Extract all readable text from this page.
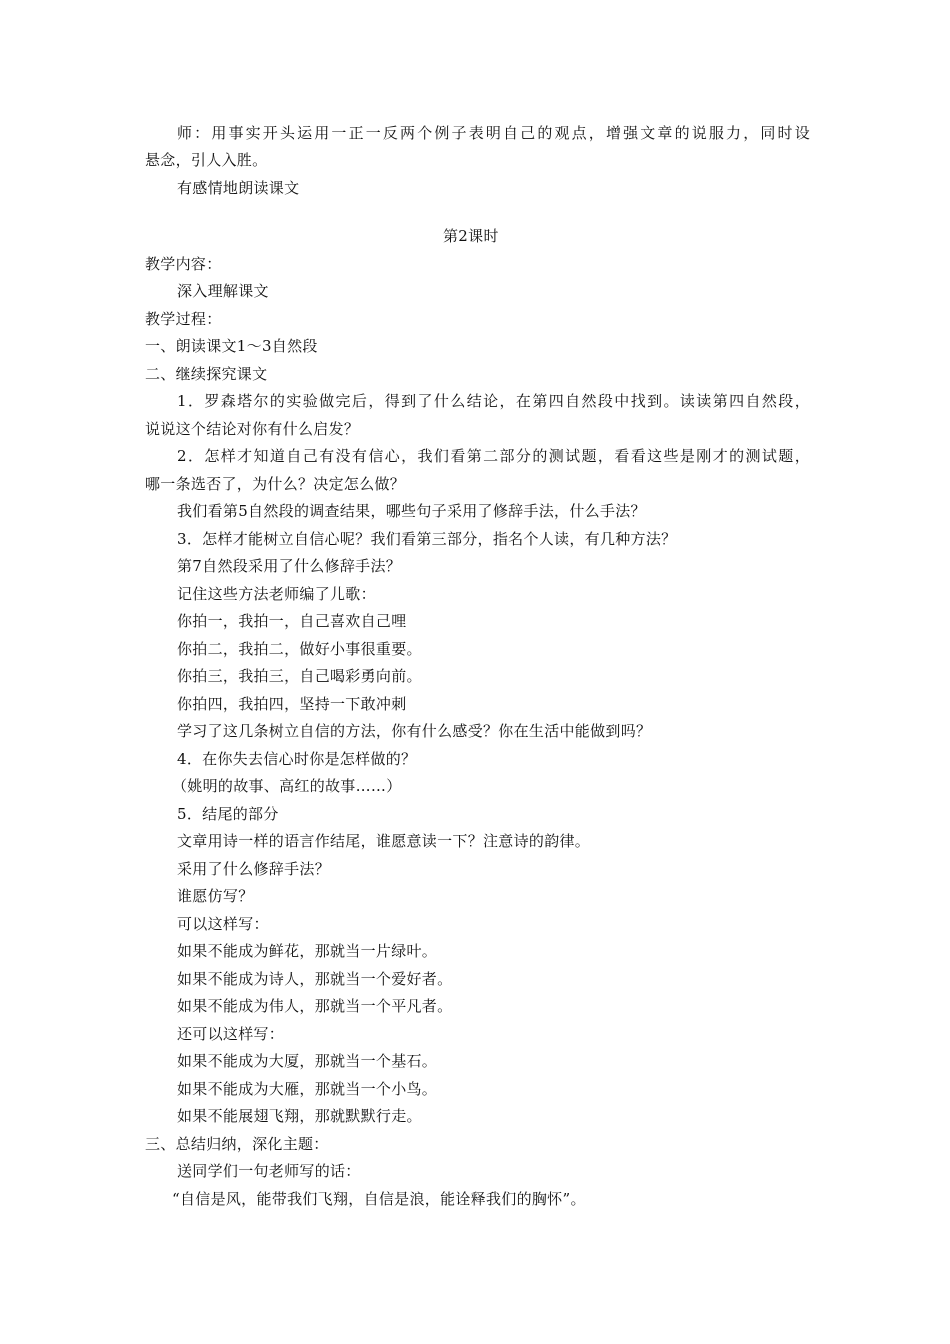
师：用事实开头运用一正一反两个例子表明自己的观点，增强文章的说服力，同时设
悬念，引人入胜。
有感情地朗读课文
第2课时
教学内容：
深入理解课文
教学过程：
一、朗读课文1～3自然段
二、继续探究课文
1．罗森塔尔的实验做完后，得到了什么结论，在第四自然段中找到。读读第四自然段，
说说这个结论对你有什么启发？
2．怎样才知道自己有没有信心，我们看第二部分的测试题，看看这些是刚才的测试题，
哪一条选否了，为什么？决定怎么做？
我们看第5自然段的调查结果，哪些句子采用了修辞手法，什么手法？
3．怎样才能树立自信心呢？我们看第三部分，指名个人读，有几种方法？
第7自然段采用了什么修辞手法？
记住这些方法老师编了儿歌：
你拍一，我拍一，自己喜欢自己哩
你拍二，我拍二，做好小事很重要。
你拍三，我拍三，自己喝彩勇向前。
你拍四，我拍四，坚持一下敢冲刺
学习了这几条树立自信的方法，你有什么感受？你在生活中能做到吗？
4．在你失去信心时你是怎样做的？
（姚明的故事、高红的故事……）
5．结尾的部分
文章用诗一样的语言作结尾，谁愿意读一下？注意诗的韵律。
采用了什么修辞手法？
谁愿仿写？
可以这样写：
如果不能成为鲜花，那就当一片绿叶。
如果不能成为诗人，那就当一个爱好者。
如果不能成为伟人，那就当一个平凡者。
还可以这样写：
如果不能成为大厦，那就当一个基石。
如果不能成为大雁，那就当一个小鸟。
如果不能展翅飞翔，那就默默行走。
三、总结归纳，深化主题：
送同学们一句老师写的话：
“自信是风，能带我们飞翔，自信是浪，能诠释我们的胸怀”。
